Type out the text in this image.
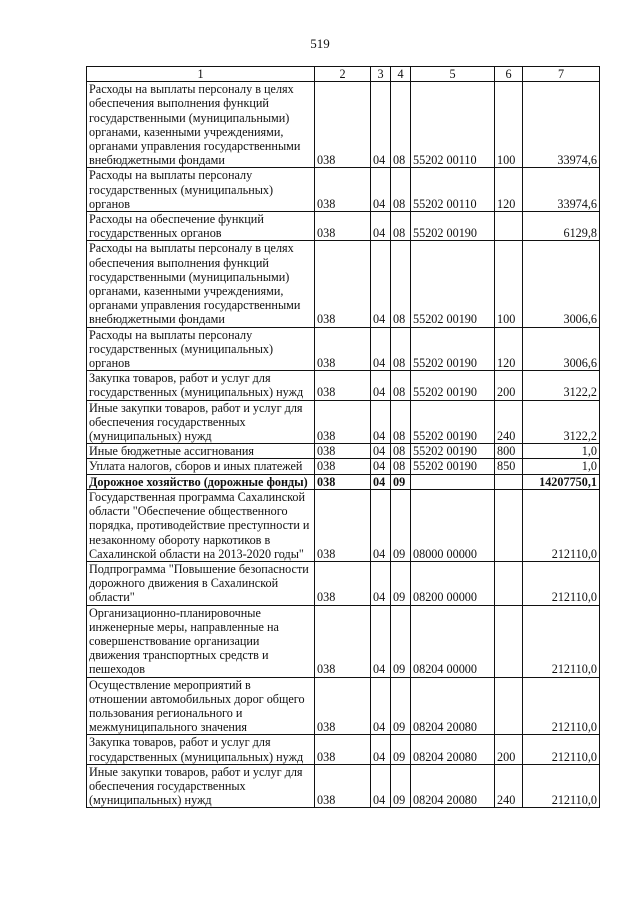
519
1	2	3	4	5	6	7
Расходы на выплаты персоналу в целях обеспечения выполнения функций государственными (муниципальными) органами, казенными учреждениями, органами управления государственными внебюджетными фондами	038	04	08	55202 00110	100	33974,6
Расходы на выплаты персоналу государственных (муниципальных) органов	038	04	08	55202 00110	120	33974,6
Расходы на обеспечение функций государственных органов	038	04	08	55202 00190		6129,8
Расходы на выплаты персоналу в целях обеспечения выполнения функций государственными (муниципальными) органами, казенными учреждениями, органами управления государственными внебюджетными фондами	038	04	08	55202 00190	100	3006,6
Расходы на выплаты персоналу государственных (муниципальных) органов	038	04	08	55202 00190	120	3006,6
Закупка товаров, работ и услуг для государственных (муниципальных) нужд	038	04	08	55202 00190	200	3122,2
Иные закупки товаров, работ и услуг для обеспечения государственных (муниципальных) нужд	038	04	08	55202 00190	240	3122,2
Иные бюджетные ассигнования	038	04	08	55202 00190	800	1,0
Уплата налогов, сборов и иных платежей	038	04	08	55202 00190	850	1,0
Дорожное хозяйство (дорожные фонды)	038	04	09			14207750,1
Государственная программа Сахалинской области "Обеспечение общественного порядка, противодействие преступности и незаконному обороту наркотиков в Сахалинской области на 2013-2020 годы"	038	04	09	08000 00000		212110,0
Подпрограмма "Повышение безопасности дорожного движения в Сахалинской области"	038	04	09	08200 00000		212110,0
Организационно-планировочные инженерные меры, направленные на совершенствование организации движения транспортных средств и пешеходов	038	04	09	08204 00000		212110,0
Осуществление мероприятий в отношении автомобильных дорог общего пользования регионального и межмуниципального значения	038	04	09	08204 20080		212110,0
Закупка товаров, работ и услуг для государственных (муниципальных) нужд	038	04	09	08204 20080	200	212110,0
Иные закупки товаров, работ и услуг для обеспечения государственных (муниципальных) нужд	038	04	09	08204 20080	240	212110,0
